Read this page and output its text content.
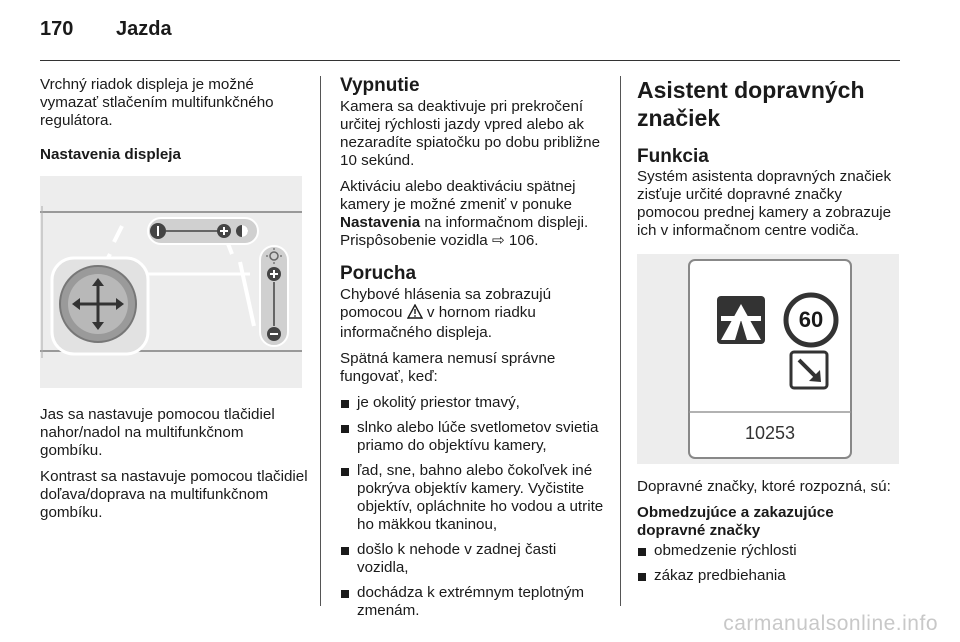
170	Jazda

Vrchný riadok displeja je možné vymazať stlačením multifunkčného regulátora.

Nastavenia displeja

Jas sa nastavuje pomocou tlačidiel nahor/nadol na multifunkčnom gombíku.

Kontrast sa nastavuje pomocou tlačidiel doľava/doprava na multifunkčnom gombíku.

Vypnutie

Kamera sa deaktivuje pri prekročení určitej rýchlosti jazdy vpred alebo ak nezaradíte spiatočku po dobu približne 10 sekúnd.

Aktiváciu alebo deaktiváciu spätnej kamery je možné zmeniť v ponuke Nastavenia na informačnom displeji. Prispôsobenie vozidla ⇨ 106.

Porucha

Chybové hlásenia sa zobrazujú pomocou  v hornom riadku informačného displeja.

Spätná kamera nemusí správne fungovať, keď:

je okolitý priestor tmavý,
slnko alebo lúče svetlometov svietia priamo do objektívu kamery,
ľad, sne, bahno alebo čokoľvek iné pokrýva objektív kamery. Vyčistite objektív, opláchnite ho vodou a utrite ho mäkkou tkaninou,
došlo k nehode v zadnej časti vozidla,
dochádza k extrémnym teplotným zmenám.
Asistent dopravných značiek
Funkcia

Systém asistenta dopravných značiek zisťuje určité dopravné značky pomocou prednej kamery a zobrazuje ich v informačnom centre vodiča.

60
10253

Dopravné značky, ktoré rozpozná, sú:

Obmedzujúce a zakazujúce dopravné značky

obmedzenie rýchlosti
zákaz predbiehania
carmanualsonline.info
